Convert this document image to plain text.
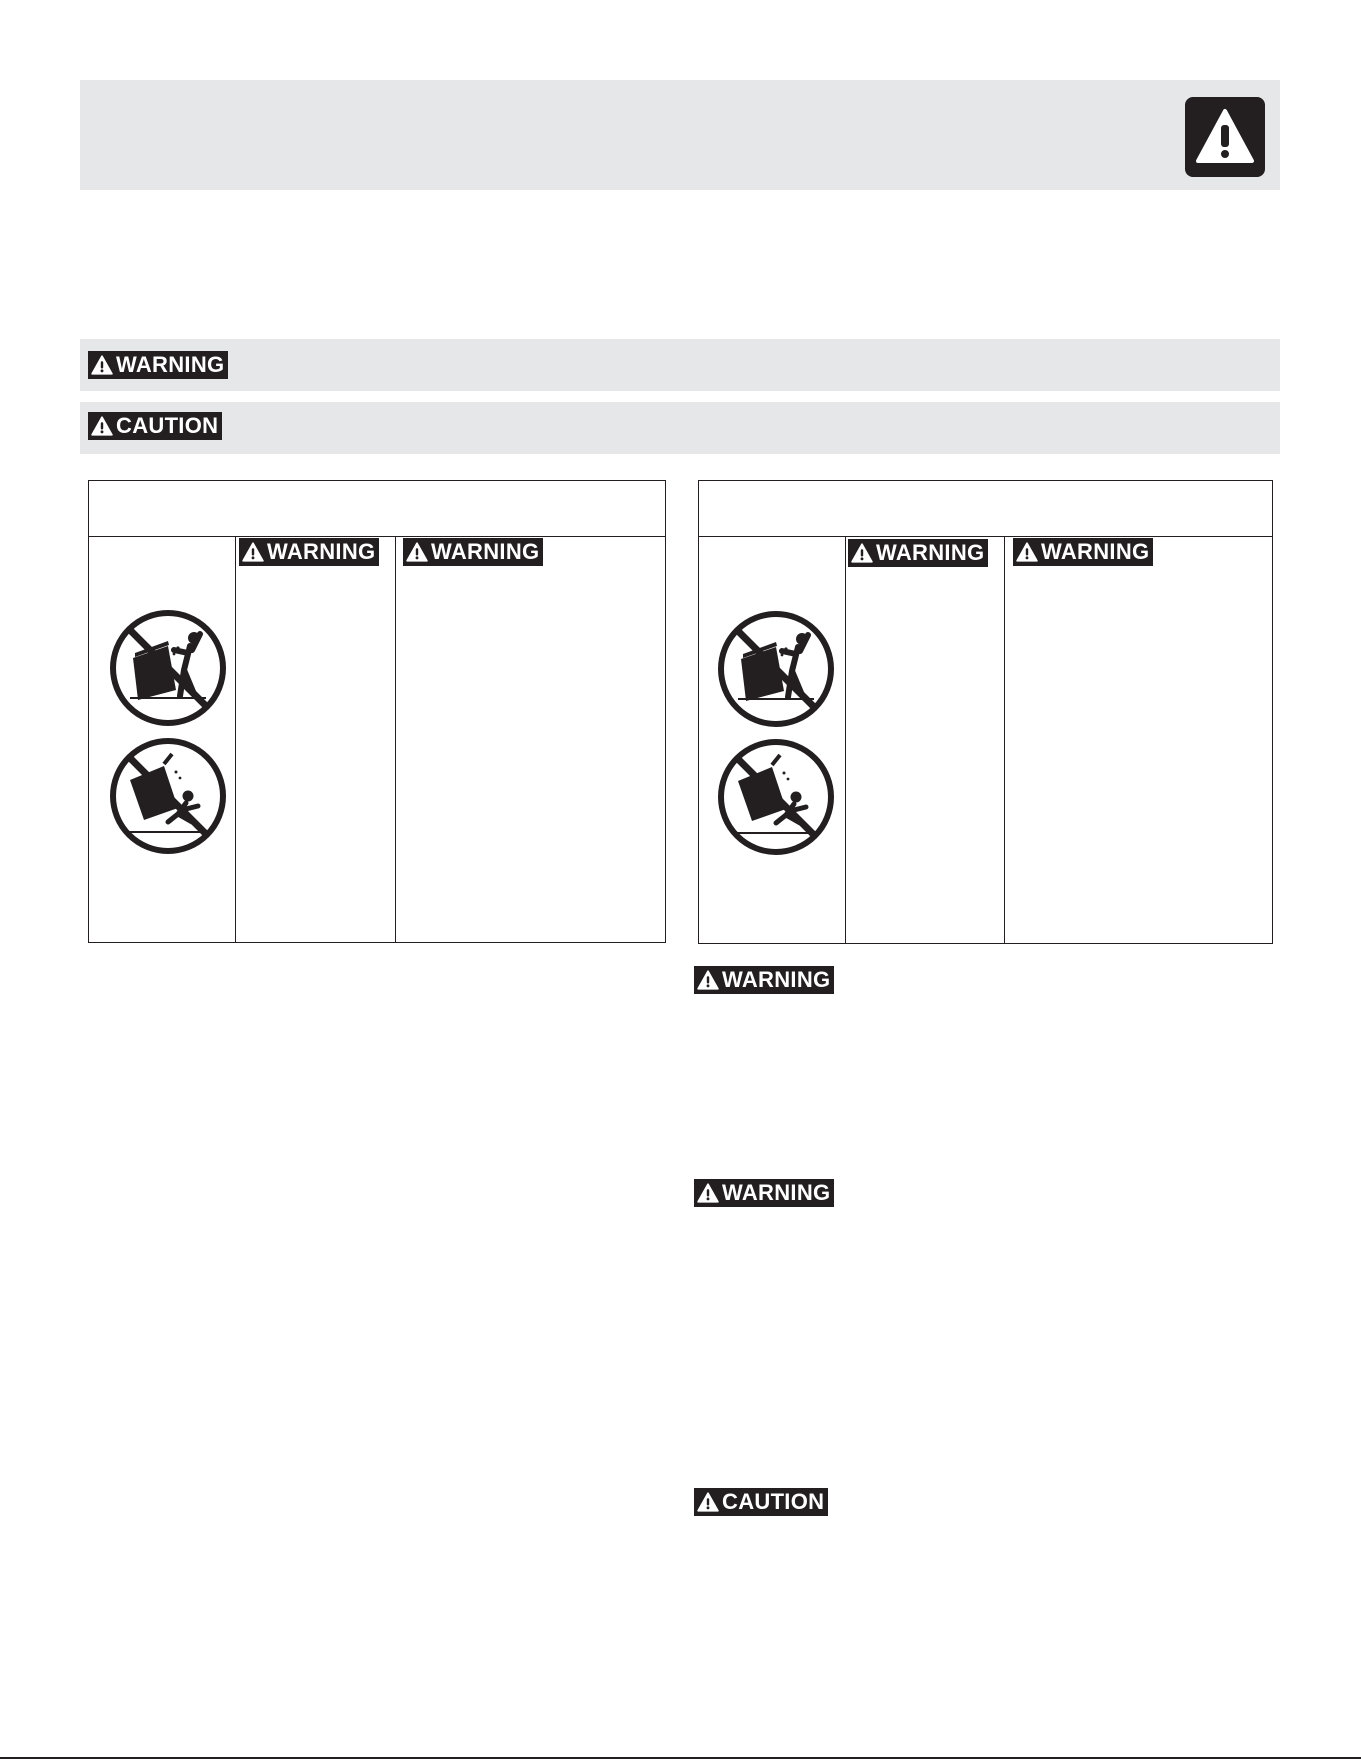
WARNING
CAUTION
WARNING	WARNING	WARNING	WARNING
WARNING
WARNING
CAUTION
